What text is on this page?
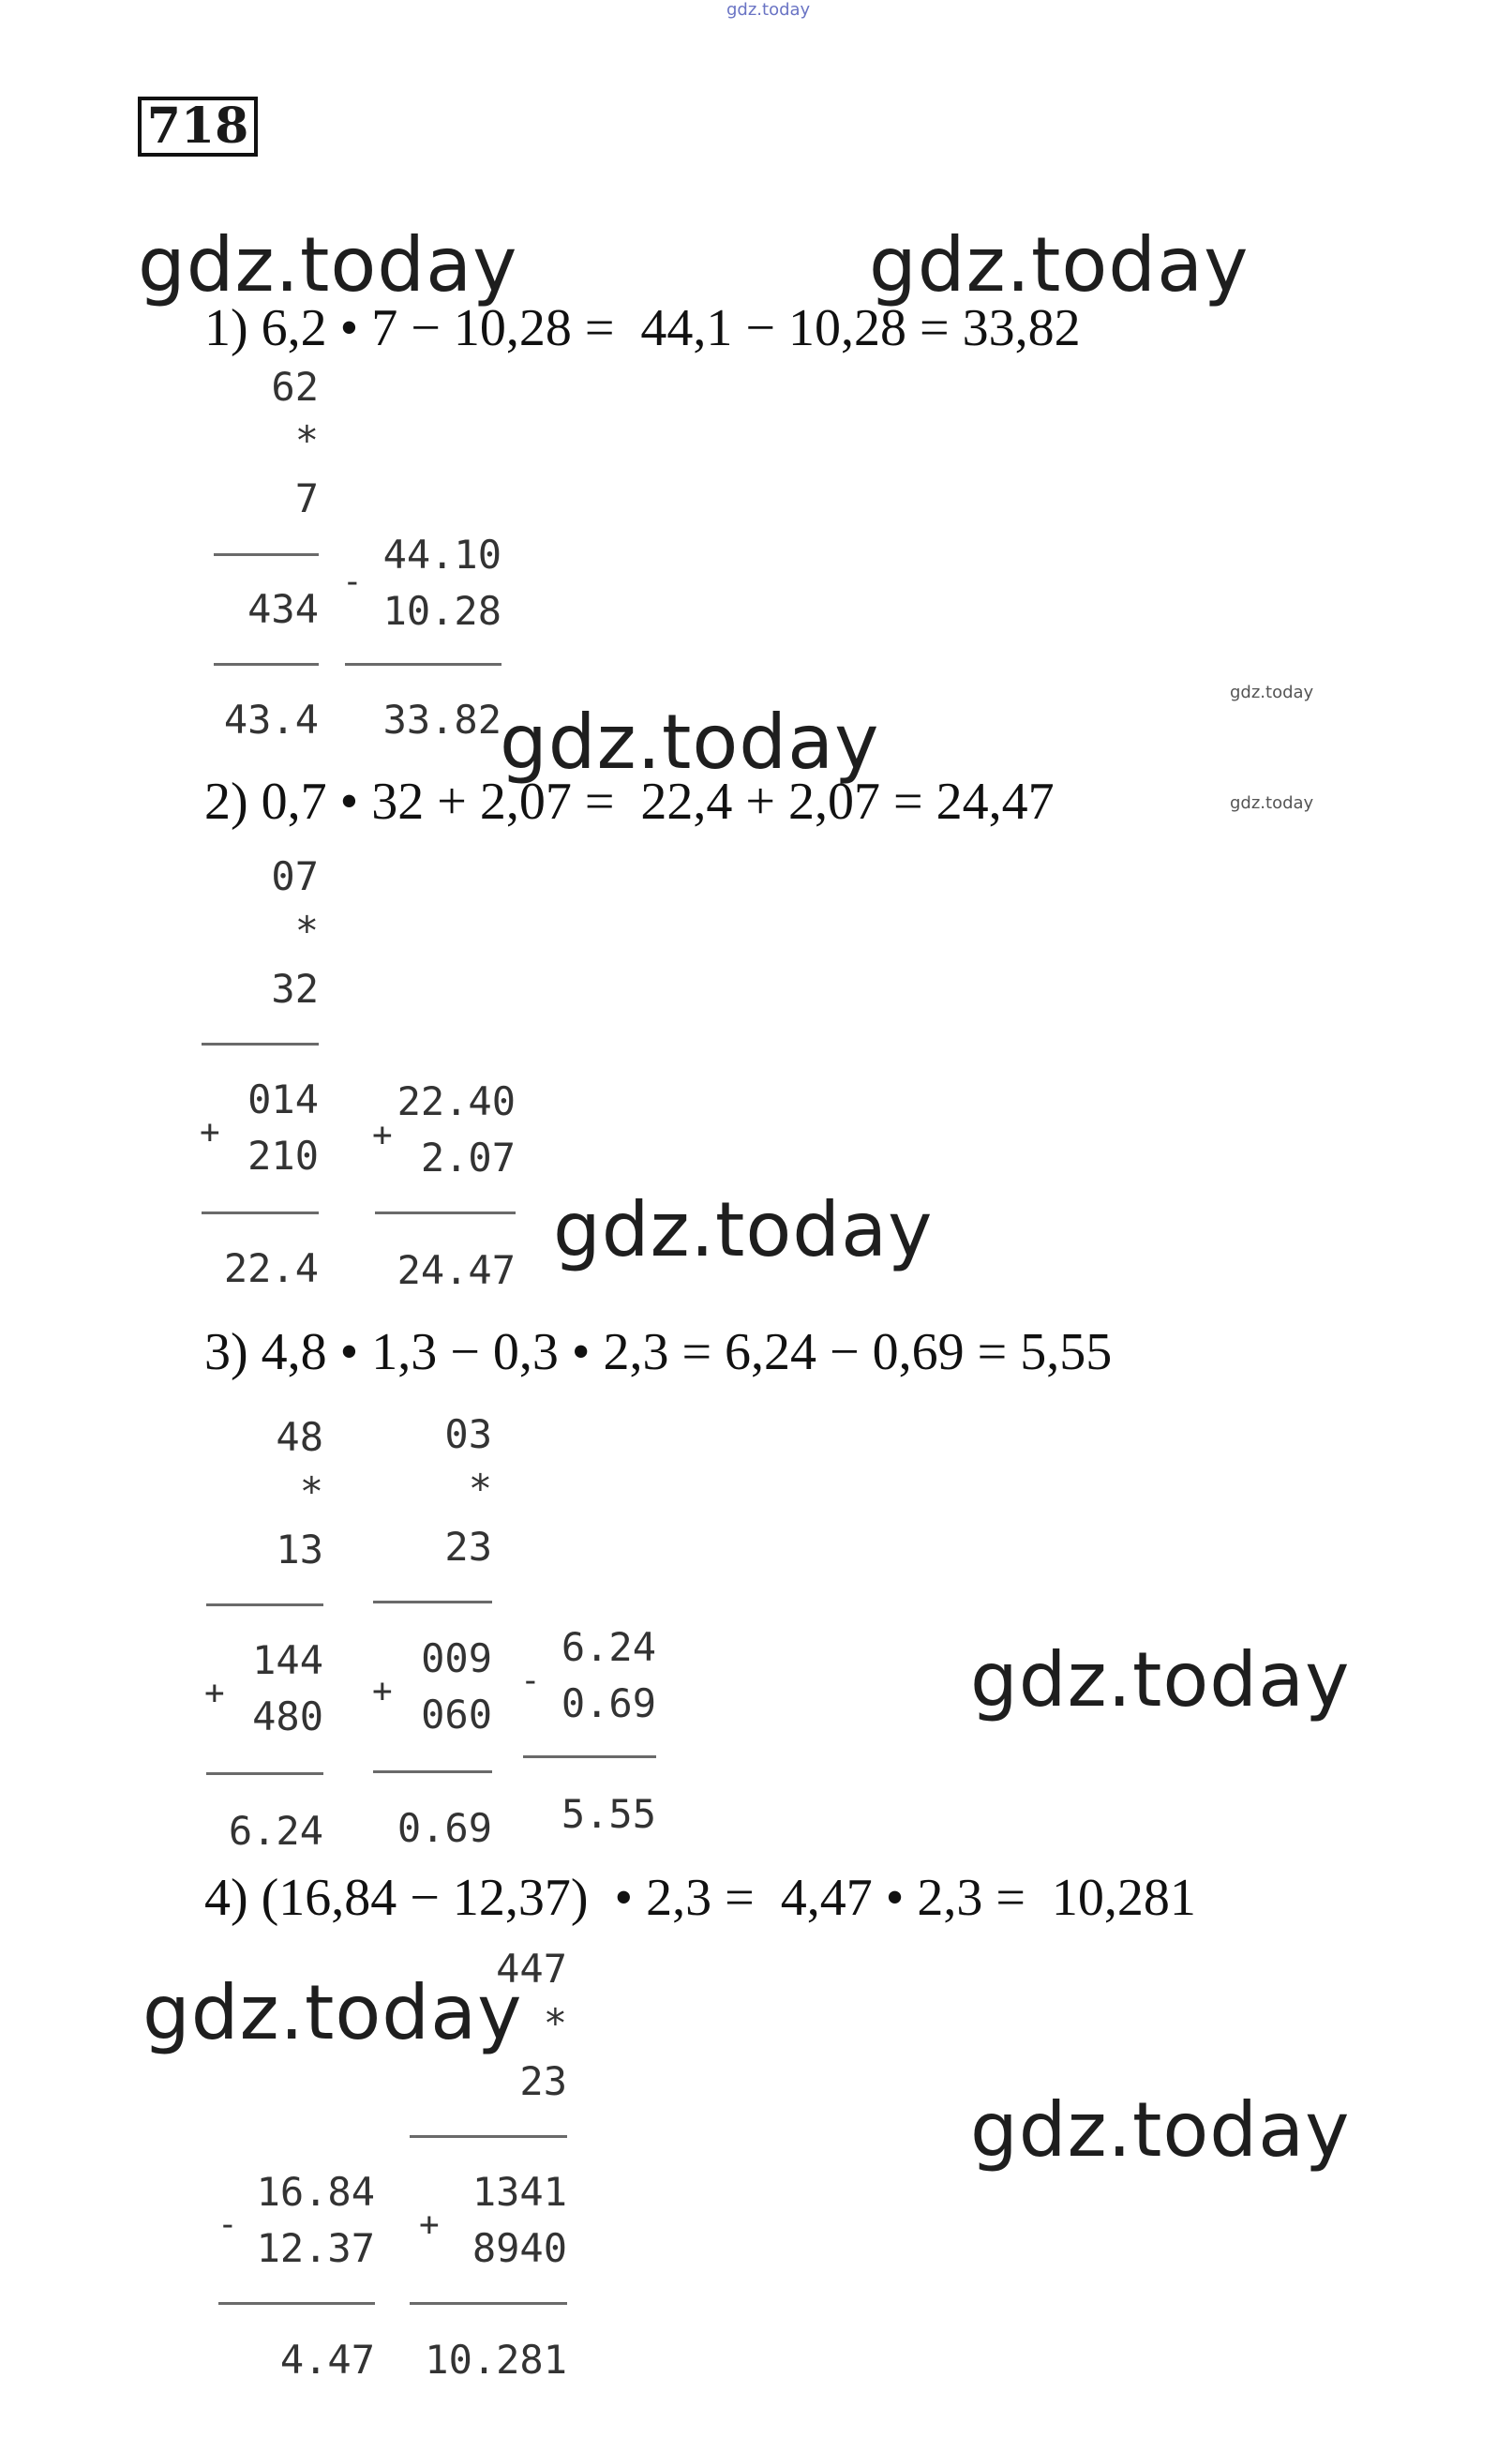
gdz.today
718
gdz.today	gdz.today
1) 6,2 • 7 − 10,28 =  44,1 − 10,28 = 33,82
62
*
7
434
43.4
-
44.10
10.28
33.82
gdz.today
gdz.today
2) 0,7 • 32 + 2,07 =  22,4 + 2,07 = 24,47	gdz.today
07
*
32
+
014
210
22.4
+
22.40
2.07
24.47 gdz.today
3) 4,8 • 1,3 − 0,3 • 2,3 = 6,24 − 0,69 = 5,55
48
*
13
+
144
480
6.24
03
*
23
+
009
060
0.69
-
6.24
0.69
5.55
gdz.today
4) (16,84 − 12,37)  • 2,3 =  4,47 • 2,3 =  10,281
gdz.today
447
*
23
+
1341
8940
10.281
-
16.84
12.37
4.47
gdz.today
